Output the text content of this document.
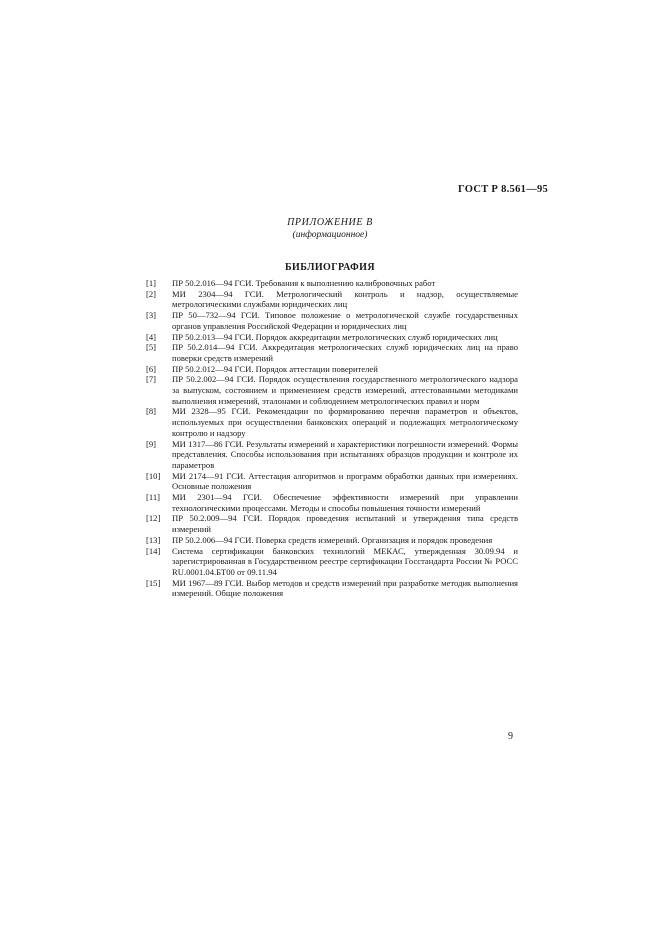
ГОСТ Р 8.561—95
ПРИЛОЖЕНИЕ В
(информационное)
БИБЛИОГРАФИЯ
[1]	ПР 50.2.016—94 ГСИ. Требования к выполнению калибровочных работ
[2]	МИ 2304—94 ГСИ. Метрологический контроль и надзор, осуществляемые метрологическими службами юридических лиц
[3]	ПР 50—732—94 ГСИ. Типовое положение о метрологической службе государственных органов управления Российской Федерации и юридических лиц
[4]	ПР 50.2.013—94 ГСИ. Порядок аккредитации метрологических служб юридических лиц
[5]	ПР 50.2.014—94 ГСИ. Аккредитация метрологических служб юридических лиц на право поверки средств измерений
[6]	ПР 50.2.012—94 ГСИ. Порядок аттестации поверителей
[7]	ПР 50.2.002—94 ГСИ. Порядок осуществления государственного метрологического надзора за выпуском, состоянием и применением средств измерений, аттестованными методиками выполнения измерений, эталонами и соблюдением метрологических правил и норм
[8]	МИ 2328—95 ГСИ. Рекомендации по формированию перечня параметров и объектов, используемых при осуществлении банковских операций и подлежащих метрологическому контролю и надзору
[9]	МИ 1317—86 ГСИ. Результаты измерений и характеристики погрешности измерений. Формы представления. Способы использования при испытаниях образцов продукции и контроле их параметров
[10]	МИ 2174—91 ГСИ. Аттестация алгоритмов и программ обработки данных при измерениях. Основные положения
[11]	МИ 2301—94 ГСИ. Обеспечение эффективности измерений при управлении технологическими процессами. Методы и способы повышения точности измерений
[12]	ПР 50.2.009—94 ГСИ. Порядок проведения испытаний и утверждения типа средств измерений
[13]	ПР 50.2.006—94 ГСИ. Поверка средств измерений. Организация и порядок проведения
[14]	Система сертификации банковских технологий МЕКАС, утвержденная 30.09.94 и зарегистрированная в Государственном реестре сертификации Госстандарта России № РОСС RU.0001.04.БТ00 от 09.11.94
[15]	МИ 1967—89 ГСИ. Выбор методов и средств измерений при разработке методик выполнения измерений. Общие положения
9
